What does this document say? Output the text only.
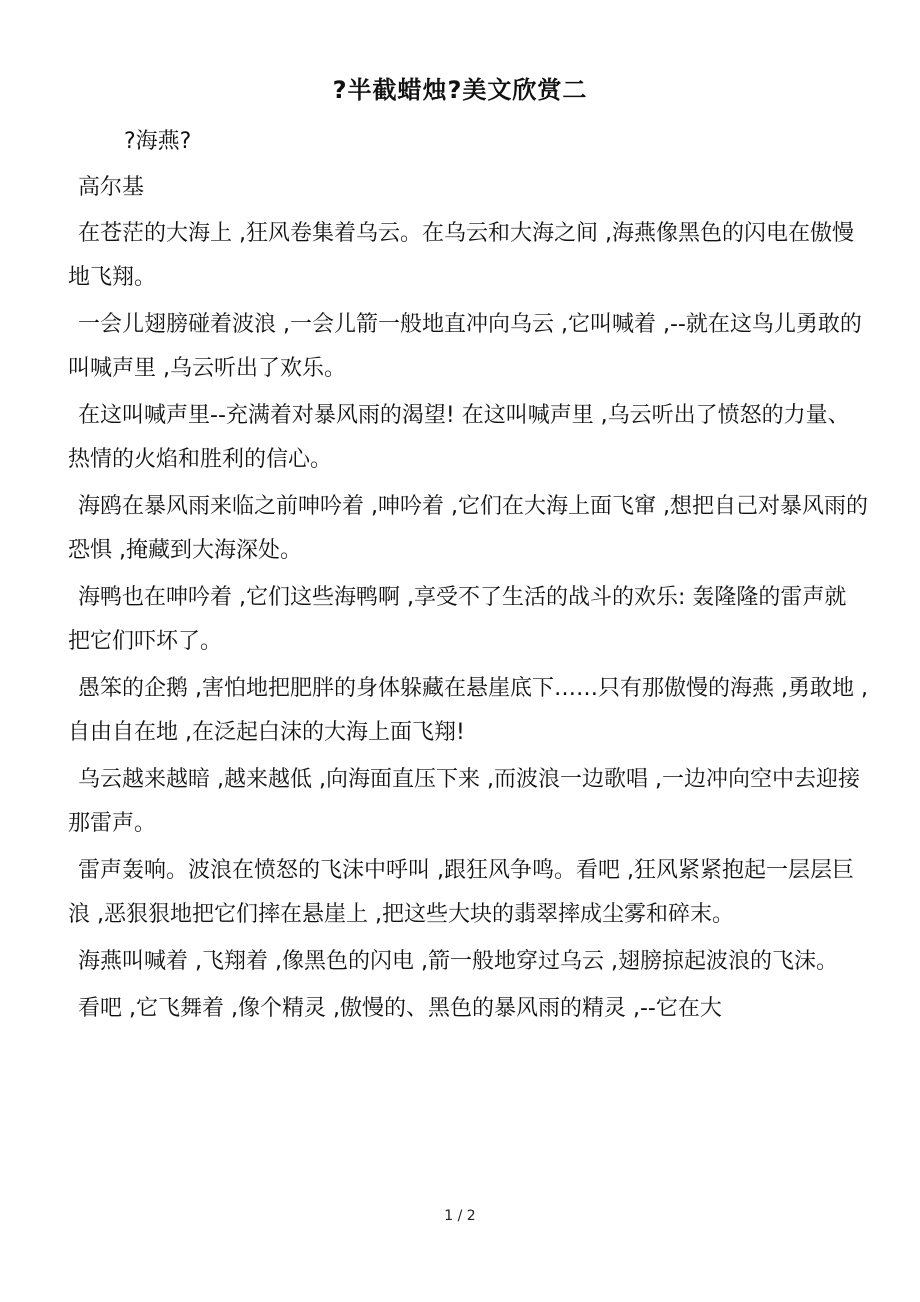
?半截蜡烛?美文欣赏二

?海燕?

高尔基

在苍茫的大海上 ,狂风卷集着乌云。在乌云和大海之间 ,海燕像黑色的闪电在傲慢地飞翔。

一会儿翅膀碰着波浪 ,一会儿箭一般地直冲向乌云 ,它叫喊着 ,--就在这鸟儿勇敢的叫喊声里 ,乌云听出了欢乐。

在这叫喊声里--充满着对暴风雨的渴望! 在这叫喊声里 ,乌云听出了愤怒的力量、热情的火焰和胜利的信心。

海鸥在暴风雨来临之前呻吟着 ,呻吟着 ,它们在大海上面飞窜 ,想把自己对暴风雨的恐惧 ,掩藏到大海深处。

海鸭也在呻吟着 ,它们这些海鸭啊 ,享受不了生活的战斗的欢乐: 轰隆隆的雷声就把它们吓坏了。

愚笨的企鹅 ,害怕地把肥胖的身体躲藏在悬崖底下……只有那傲慢的海燕 ,勇敢地 ,自由自在地 ,在泛起白沫的大海上面飞翔!

乌云越来越暗 ,越来越低 ,向海面直压下来 ,而波浪一边歌唱 ,一边冲向空中去迎接那雷声。

雷声轰响。波浪在愤怒的飞沫中呼叫 ,跟狂风争鸣。看吧 ,狂风紧紧抱起一层层巨浪 ,恶狠狠地把它们摔在悬崖上 ,把这些大块的翡翠摔成尘雾和碎末。

海燕叫喊着 ,飞翔着 ,像黑色的闪电 ,箭一般地穿过乌云 ,翅膀掠起波浪的飞沫。

看吧 ,它飞舞着 ,像个精灵 ,傲慢的、黑色的暴风雨的精灵 ,--它在大

1 / 2
